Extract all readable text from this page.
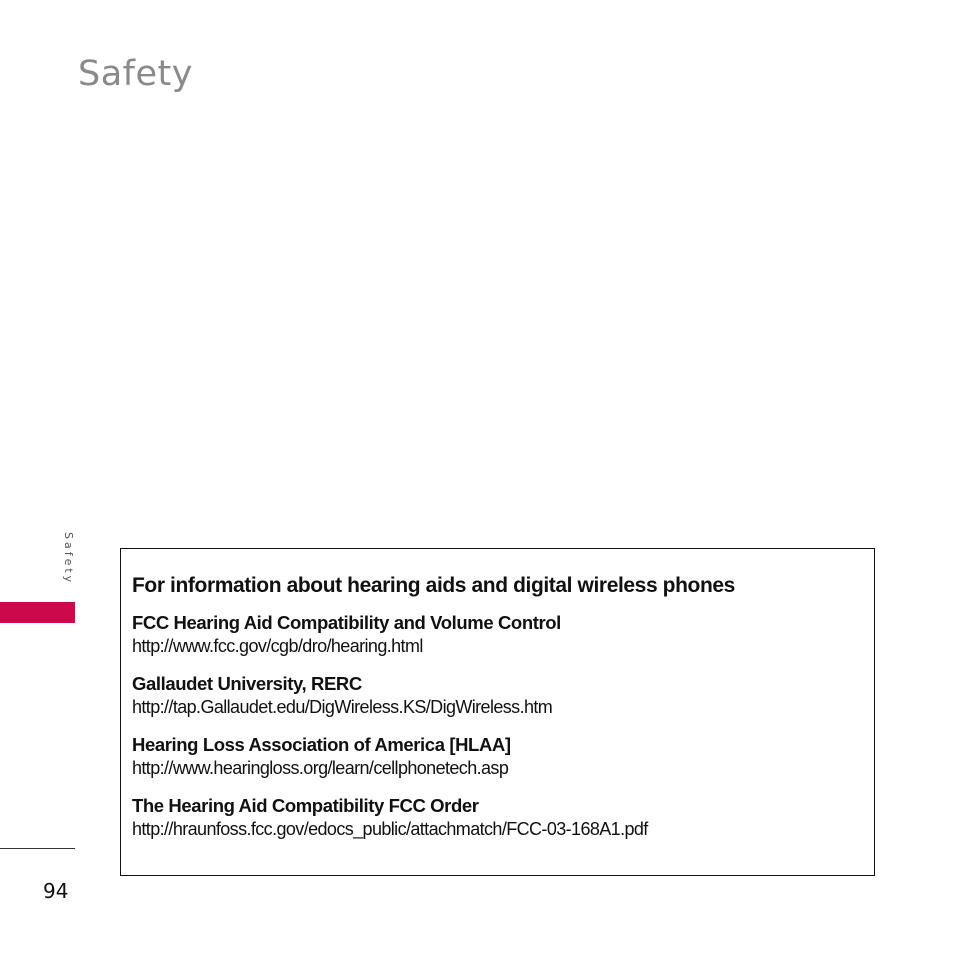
Safety
Safety
For information about hearing aids and digital wireless phones
FCC Hearing Aid Compatibility and Volume Control
http://www.fcc.gov/cgb/dro/hearing.html
Gallaudet University, RERC
http://tap.Gallaudet.edu/DigWireless.KS/DigWireless.htm
Hearing Loss Association of America [HLAA]
http://www.hearingloss.org/learn/cellphonetech.asp
The Hearing Aid Compatibility FCC Order
http://hraunfoss.fcc.gov/edocs_public/attachmatch/FCC-03-168A1.pdf
94
